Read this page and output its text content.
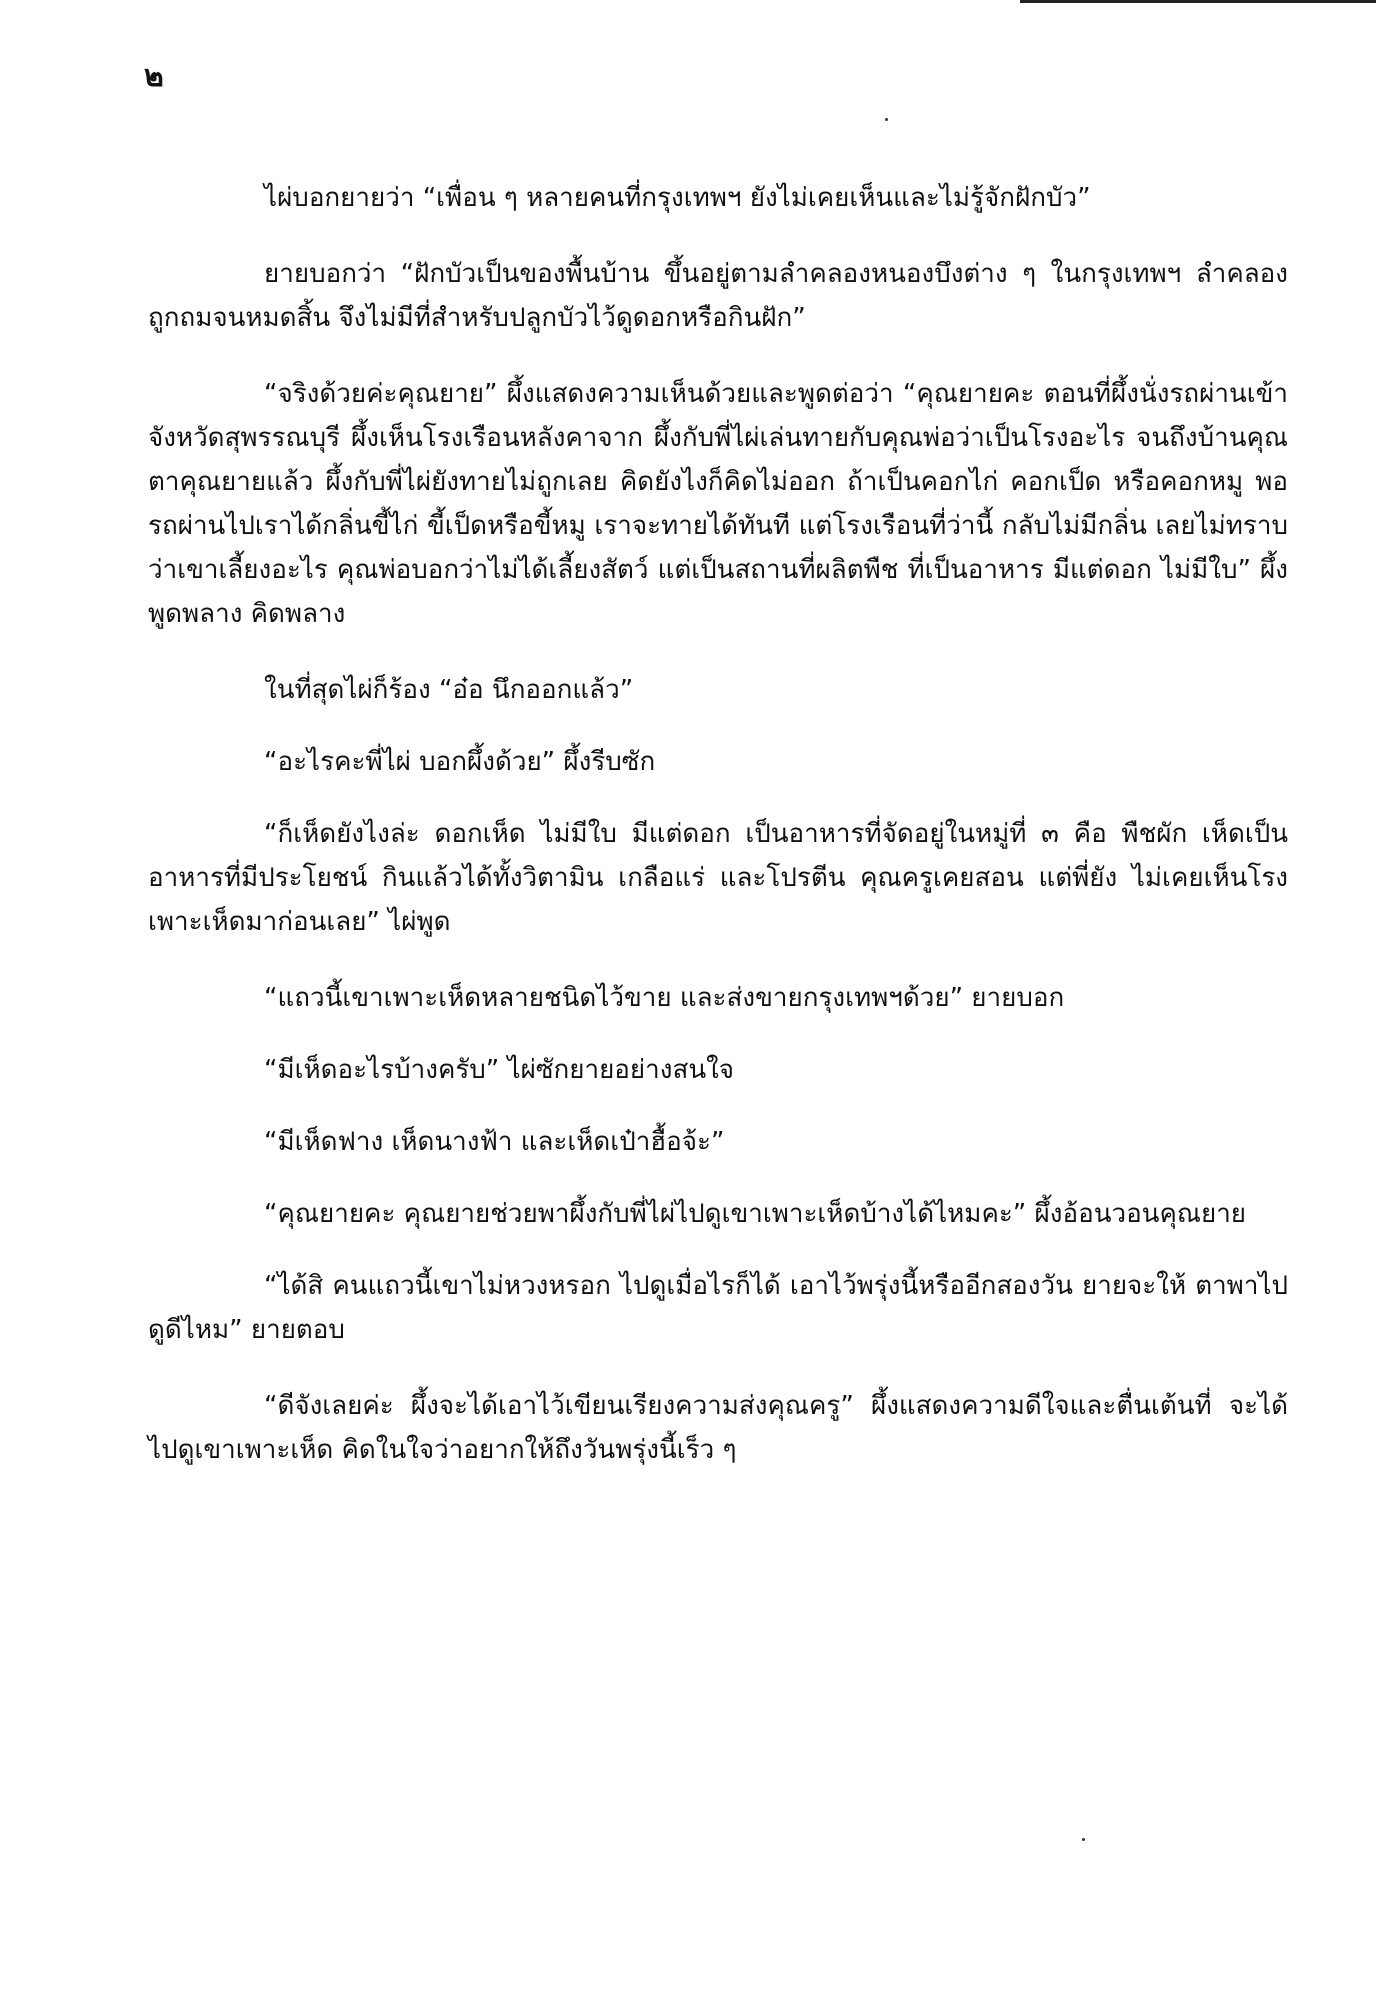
๒

ไผ่บอกยายว่า “เพื่อน ๆ หลายคนที่กรุงเทพฯ ยังไม่เคยเห็นและไม่รู้จักฝักบัว”

ยายบอกว่า “ฝักบัวเป็นของพื้นบ้าน ขึ้นอยู่ตามลำคลองหนองบึงต่าง ๆ ในกรุงเทพฯ ลำคลองถูกถมจนหมดสิ้น จึงไม่มีที่สำหรับปลูกบัวไว้ดูดอกหรือกินฝัก”

“จริงด้วยค่ะคุณยาย” ผึ้งแสดงความเห็นด้วยและพูดต่อว่า “คุณยายคะ ตอนที่ผึ้งนั่งรถผ่านเข้าจังหวัดสุพรรณบุรี ผึ้งเห็นโรงเรือนหลังคาจาก ผึ้งกับพี่ไผ่เล่นทายกับคุณพ่อว่าเป็นโรงอะไร จนถึงบ้านคุณตาคุณยายแล้ว ผึ้งกับพี่ไผ่ยังทายไม่ถูกเลย คิดยังไงก็คิดไม่ออก ถ้าเป็นคอกไก่ คอกเป็ด หรือคอกหมู พอรถผ่านไปเราได้กลิ่นขี้ไก่ ขี้เป็ดหรือขี้หมู เราจะทายได้ทันที แต่โรงเรือนที่ว่านี้ กลับไม่มีกลิ่น เลยไม่ทราบว่าเขาเลี้ยงอะไร คุณพ่อบอกว่าไม่ได้เลี้ยงสัตว์ แต่เป็นสถานที่ผลิตพืช ที่เป็นอาหาร มีแต่ดอก ไม่มีใบ” ผึ้งพูดพลาง คิดพลาง

ในที่สุดไผ่ก็ร้อง “อ๋อ นึกออกแล้ว”

“อะไรคะพี่ไผ่ บอกผึ้งด้วย” ผึ้งรีบซัก

“ก็เห็ดยังไงล่ะ ดอกเห็ด ไม่มีใบ มีแต่ดอก เป็นอาหารที่จัดอยู่ในหมู่ที่ ๓ คือ พืชผัก เห็ดเป็นอาหารที่มีประโยชน์ กินแล้วได้ทั้งวิตามิน เกลือแร่ และโปรตีน คุณครูเคยสอน แต่พี่ยัง ไม่เคยเห็นโรงเพาะเห็ดมาก่อนเลย” ไผ่พูด

“แถวนี้เขาเพาะเห็ดหลายชนิดไว้ขาย และส่งขายกรุงเทพฯด้วย” ยายบอก

“มีเห็ดอะไรบ้างครับ” ไผ่ซักยายอย่างสนใจ

“มีเห็ดฟาง เห็ดนางฟ้า และเห็ดเป๋าฮื้อจ้ะ”

“คุณยายคะ คุณยายช่วยพาผึ้งกับพี่ไผ่ไปดูเขาเพาะเห็ดบ้างได้ไหมคะ” ผึ้งอ้อนวอนคุณยาย

“ได้สิ คนแถวนี้เขาไม่หวงหรอก ไปดูเมื่อไรก็ได้ เอาไว้พรุ่งนี้หรืออีกสองวัน ยายจะให้ ตาพาไปดูดีไหม” ยายตอบ

“ดีจังเลยค่ะ ผึ้งจะได้เอาไว้เขียนเรียงความส่งคุณครู” ผึ้งแสดงความดีใจและตื่นเต้นที่ จะได้ไปดูเขาเพาะเห็ด คิดในใจว่าอยากให้ถึงวันพรุ่งนี้เร็ว ๆ
